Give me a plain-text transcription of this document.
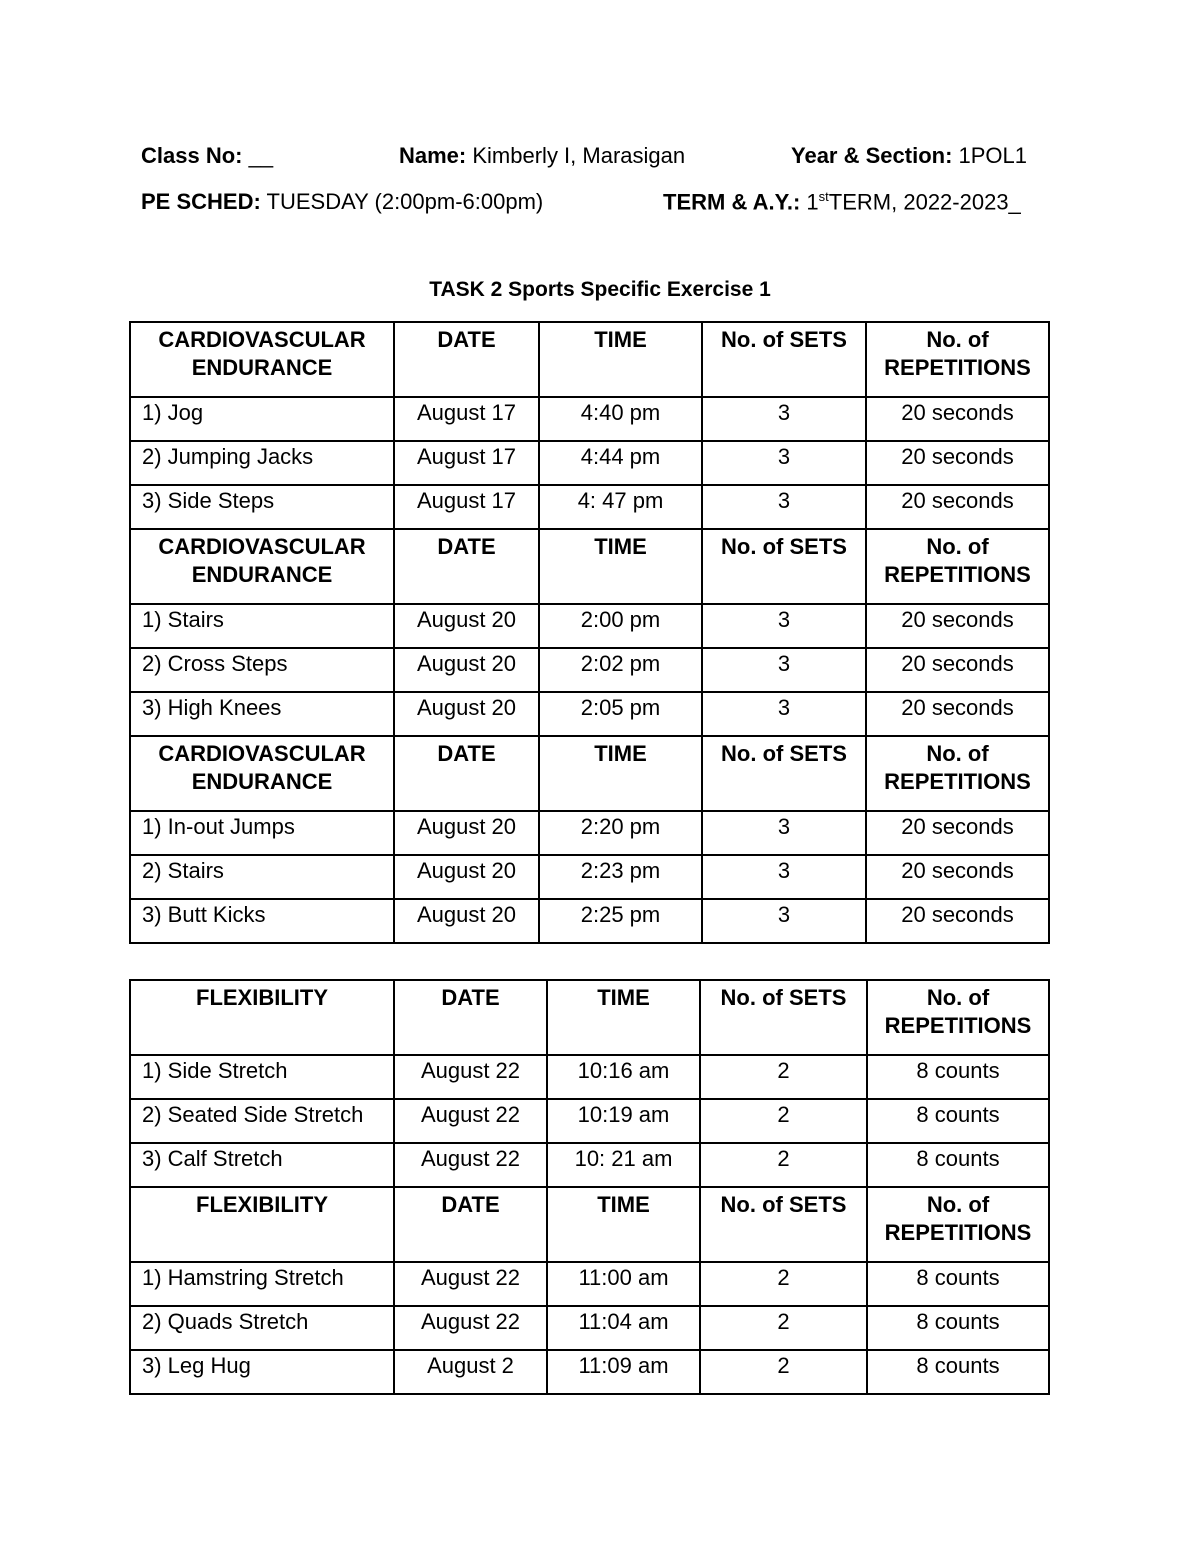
Class No: __	Name: Kimberly I, Marasigan	Year & Section: 1POL1
PE SCHED: TUESDAY (2:00pm-6:00pm)	TERM & A.Y.: 1stTERM, 2022-2023_
TASK 2 Sports Specific Exercise 1
CARDIOVASCULAR ENDURANCE	DATE	TIME	No. of SETS	No. of REPETITIONS
1) Jog	August 17	4:40 pm	3	20 seconds
2) Jumping Jacks	August 17	4:44 pm	3	20 seconds
3) Side Steps	August 17	4: 47 pm	3	20 seconds
CARDIOVASCULAR ENDURANCE	DATE	TIME	No. of SETS	No. of REPETITIONS
1) Stairs	August 20	2:00 pm	3	20 seconds
2) Cross Steps	August 20	2:02 pm	3	20 seconds
3) High Knees	August 20	2:05 pm	3	20 seconds
CARDIOVASCULAR ENDURANCE	DATE	TIME	No. of SETS	No. of REPETITIONS
1) In-out Jumps	August 20	2:20 pm	3	20 seconds
2) Stairs	August 20	2:23 pm	3	20 seconds
3) Butt Kicks	August 20	2:25 pm	3	20 seconds
FLEXIBILITY	DATE	TIME	No. of SETS	No. of REPETITIONS
1) Side Stretch	August 22	10:16 am	2	8 counts
2) Seated Side Stretch	August 22	10:19 am	2	8 counts
3) Calf Stretch	August 22	10: 21 am	2	8 counts
FLEXIBILITY	DATE	TIME	No. of SETS	No. of REPETITIONS
1) Hamstring Stretch	August 22	11:00 am	2	8 counts
2) Quads Stretch	August 22	11:04 am	2	8 counts
3) Leg Hug	August 2	11:09 am	2	8 counts
